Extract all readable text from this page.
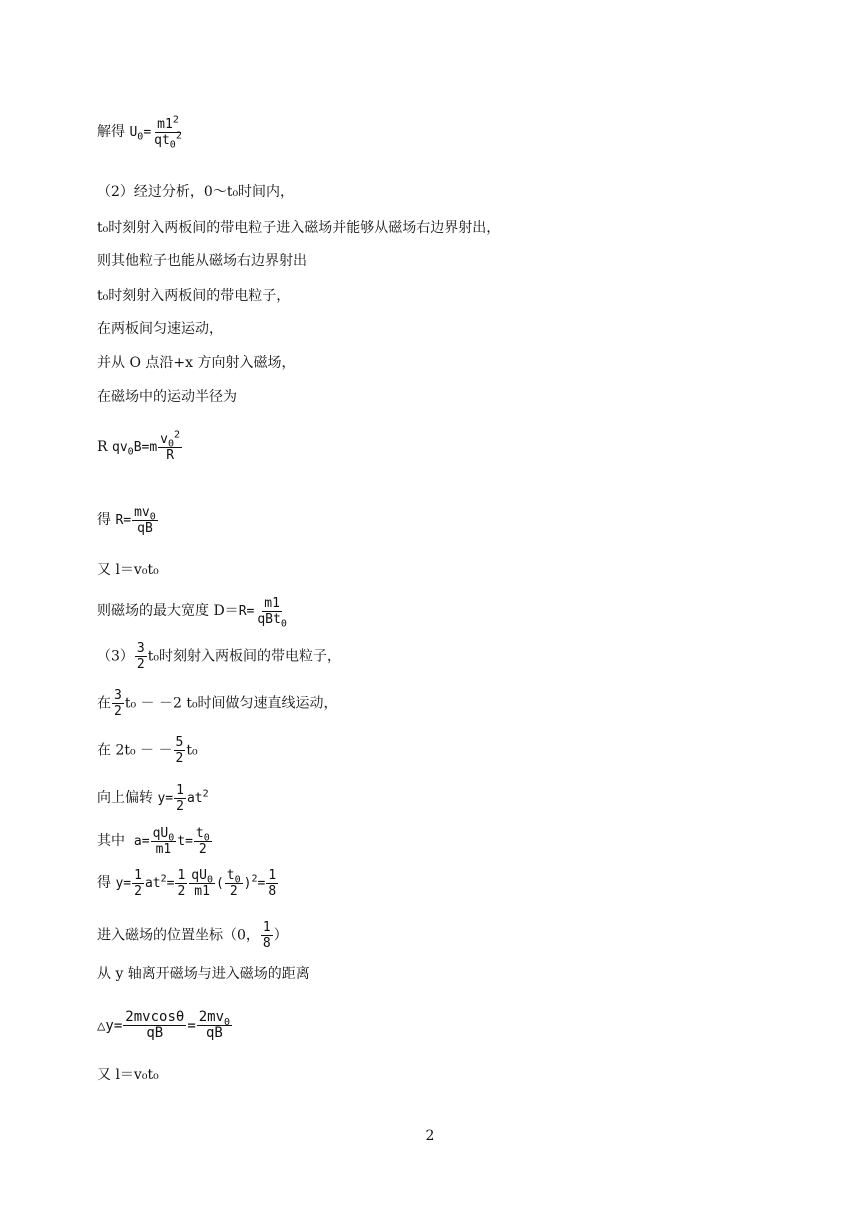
解得 $U_0= \frac{m1^2}{qt_0^2}$
（2）经过分析，0～t₀时间内，
t₀时刻射入两板间的带电粒子进入磁场并能够从磁场右边界射出，
则其他粒子也能从磁场右边界射出
t₀时刻射入两板间的带电粒子，
在两板间匀速运动，
并从 O 点沿+x 方向射入磁场，
在磁场中的运动半径为
R $qv_0B=m \frac{v_0^2}{R}$
得 $R= \frac{mv_0}{qB}$
又 l＝v₀t₀
则磁场的最大宽度 $D=R= \frac{m1}{qBt_0}$
$(3) \frac{3}{2} t_0$时刻射入两板间的带电粒子，
在 $\frac{3}{2} t_0 - -2$ t₀时间做匀速直线运动，
在 2t₀ － － $\frac{5}{2} t_0$
向上偏转 $y= \frac{1}{2} at^2$
其中 $a= \frac{qU_0}{m1} t= \frac{t_0}{2}$
得 $y= \frac{1}{2} at^2= \frac{1}{2} \frac{qU_0}{m1}$ ( $\frac{t_0}{2} )^2= \frac{1}{8}$
进入磁场的位置坐标（0， $\frac{1}{8}$ ）
从 y 轴离开磁场与进入磁场的距离
△y= $\frac{2mvcos\theta}{qB} = \frac{2mv_0}{qB}$
又 l＝v₀t₀
2
